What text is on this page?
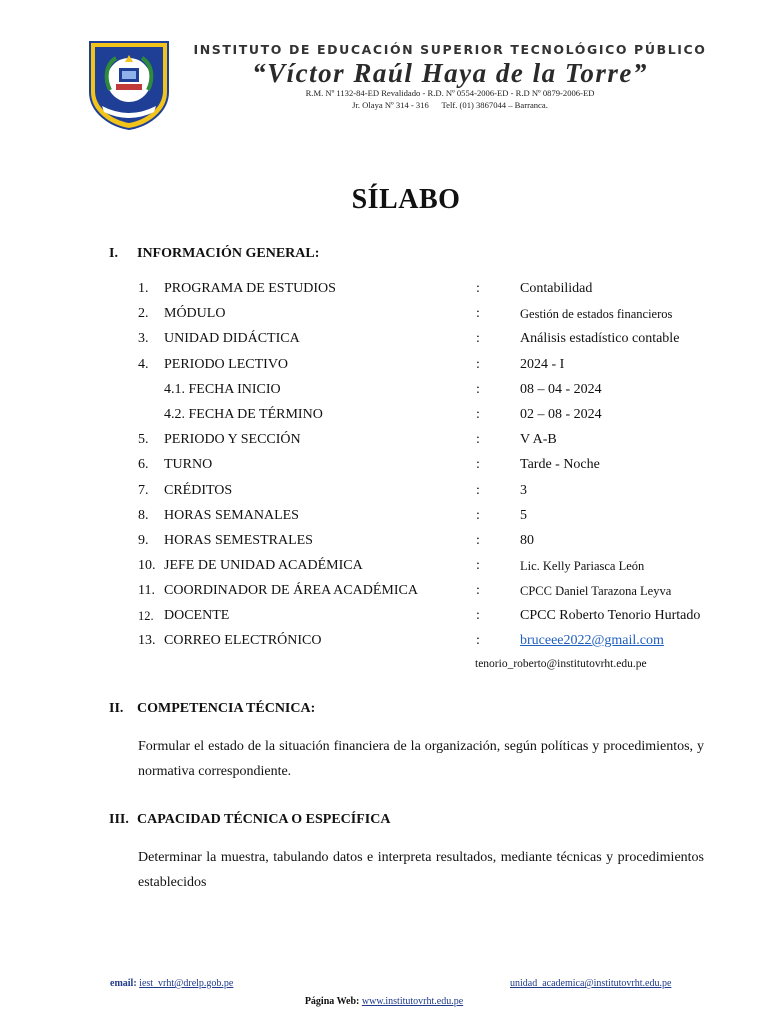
INSTITUTO DE EDUCACIÓN SUPERIOR TECNOLÓGICO PÚBLICO
“Víctor Raúl Haya de la Torre”
R.M. Nº 1132-84-ED Revalidado - R.D. Nº 0554-2006-ED - R.D Nº 0879-2006-ED
Jr. Olaya Nº 314 - 316      Telf. (01) 3867044 – Barranca.
SÍLABO
I. INFORMACIÓN GENERAL:
1. PROGRAMA DE ESTUDIOS	:	Contabilidad
2. MÓDULO	:	Gestión de estados financieros
3. UNIDAD DIDÁCTICA	:	Análisis estadístico contable
4. PERIODO LECTIVO	:	2024 - I
4.1. FECHA INICIO	:	08 – 04 - 2024
4.2. FECHA DE TÉRMINO	:	02 – 08 - 2024
5. PERIODO Y SECCIÓN	:	V A-B
6. TURNO	:	Tarde - Noche
7. CRÉDITOS	:	3
8. HORAS SEMANALES	:	5
9. HORAS SEMESTRALES	:	80
10. JEFE DE UNIDAD ACADÉMICA	:	Lic. Kelly Pariasca León
11. COORDINADOR DE ÁREA ACADÉMICA	:	CPCC Daniel Tarazona Leyva
12. DOCENTE	:	CPCC Roberto Tenorio Hurtado
13. CORREO ELECTRÓNICO	:	bruceee2022@gmail.com
tenorio_roberto@institutovrht.edu.pe
II. COMPETENCIA TÉCNICA:
Formular el estado de la situación financiera de la organización, según políticas y procedimientos, y normativa correspondiente.
III. CAPACIDAD TÉCNICA O ESPECÍFICA
Determinar la muestra, tabulando datos e interpreta resultados, mediante técnicas y procedimientos establecidos
email: iest_vrht@drelp.gob.pe	unidad_academica@institutovrht.edu.pe
Página Web: www.institutovrht.edu.pe
